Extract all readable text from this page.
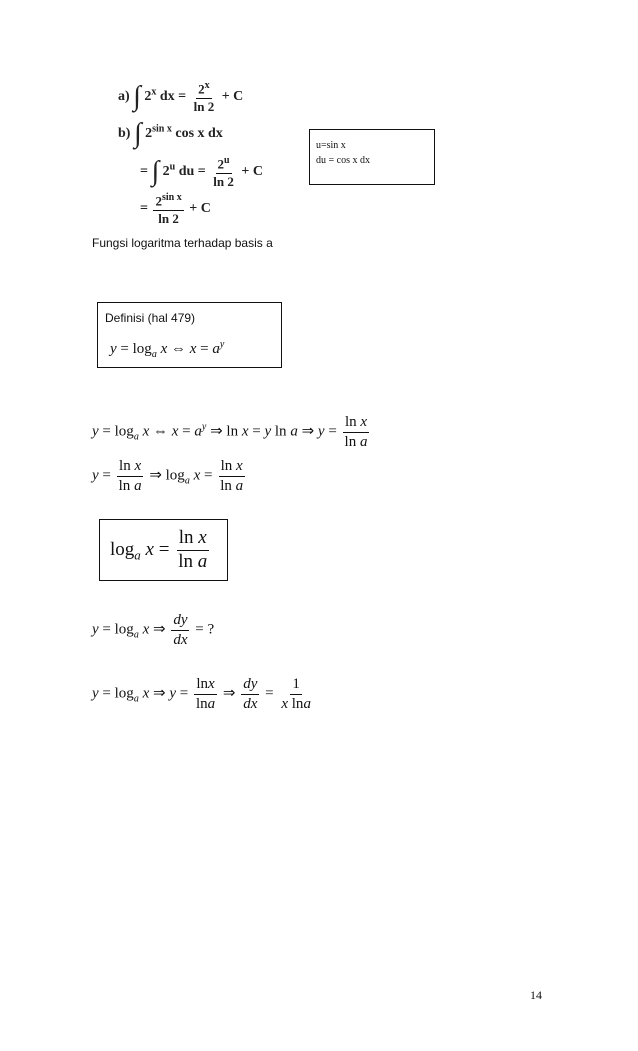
a) ∫ 2$^x$ dx = $\frac{2^x}{\ln 2} + C$
b) ∫ $2^{sin x}$ cos x dx
= ∫ 2$^u$ du = $\frac{2^u}{\ln 2} + C$
= $\frac{2^{sin x}}{\ln 2} + C$
u=sin x
du = cos x dx
Fungsi logaritma terhadap basis a
Definisi (hal 479)
$y = \log_a x$ ⇔ $x = a^y$
$y = \log_a x$ ⇔ $x = a^y$ ⇒ ln x = y ln a ⇒ $y = \frac{\text{ln x}}{\text{ln a}}$
$y = \frac{\text{ln x}}{\text{ln a}}$ ⇒ $\log_a x = \frac{\text{ln x}}{\text{ln a}}$
$\log_a x = \frac{\text{ln x}}{\text{ln a}}$
$y = \log_a x$ ⇒ $\frac{dy}{dx}$ = ?
$y = \log_a x$ ⇒ $y = \frac{\ln x}{\ln a}$ ⇒ $\frac{dy}{dx} = \frac{1}{\text{x lna}}$
14
